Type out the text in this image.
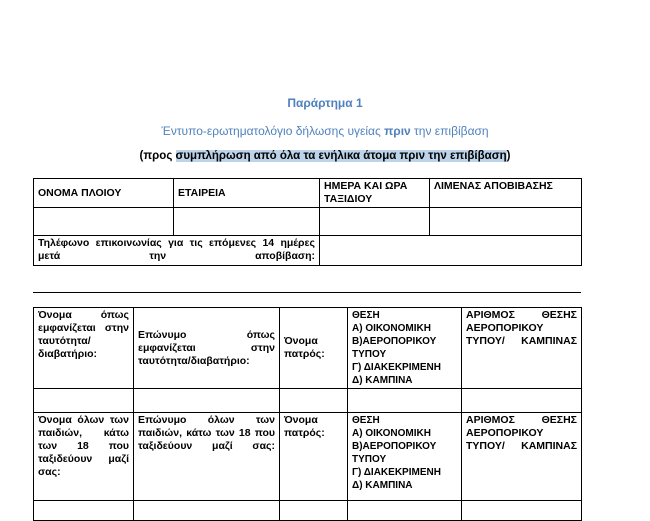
Παράρτημα 1
Έντυπο-ερωτηματολόγιο δήλωσης υγείας πριν την επιβίβαση
(προς συμπλήρωση από όλα τα ενήλικα άτομα πριν την επιβίβαση)
ΟΝΟΜΑ ΠΛΟΙΟΥ	ΕΤΑΙΡΕΙΑ	ΗΜΕΡΑ ΚΑΙ ΩΡΑ ΤΑΞΙΔΙΟΥ	ΛΙΜΕΝΑΣ ΑΠΟΒΙΒΑΣΗΣ

Τηλέφωνο επικοινωνίας για τις επόμενες 14 ημέρες μετά την αποβίβαση:			
Όνομα όπως εμφανίζεται στην ταυτότητα/ διαβατήριο:	Επώνυμο όπως εμφανίζεται στην ταυτότητα/διαβατήριο:	Όνομα πατρός:	ΘΕΣΗ
Α) ΟΙΚΟΝΟΜΙΚΗ
Β)ΑΕΡΟΠΟΡΙΚΟΥ ΤΥΠΟΥ
Γ) ΔΙΑΚΕΚΡΙΜΕΝΗ
Δ) ΚΑΜΠΙΝΑ	ΑΡΙΘΜΟΣ ΘΕΣΗΣ ΑΕΡΟΠΟΡΙΚΟΥ ΤΥΠΟΥ/ ΚΑΜΠΙΝΑΣ

Όνομα όλων των παιδιών, κάτω των 18 που ταξιδεύουν μαζί σας:	Επώνυμο όλων των παιδιών, κάτω των 18 που ταξιδεύουν μαζί σας:	Όνομα πατρός:	ΘΕΣΗ
Α) ΟΙΚΟΝΟΜΙΚΗ
Β)ΑΕΡΟΠΟΡΙΚΟΥ ΤΥΠΟΥ
Γ) ΔΙΑΚΕΚΡΙΜΕΝΗ
Δ) ΚΑΜΠΙΝΑ	ΑΡΙΘΜΟΣ ΘΕΣΗΣ ΑΕΡΟΠΟΡΙΚΟΥ ΤΥΠΟΥ/ ΚΑΜΠΙΝΑΣ
